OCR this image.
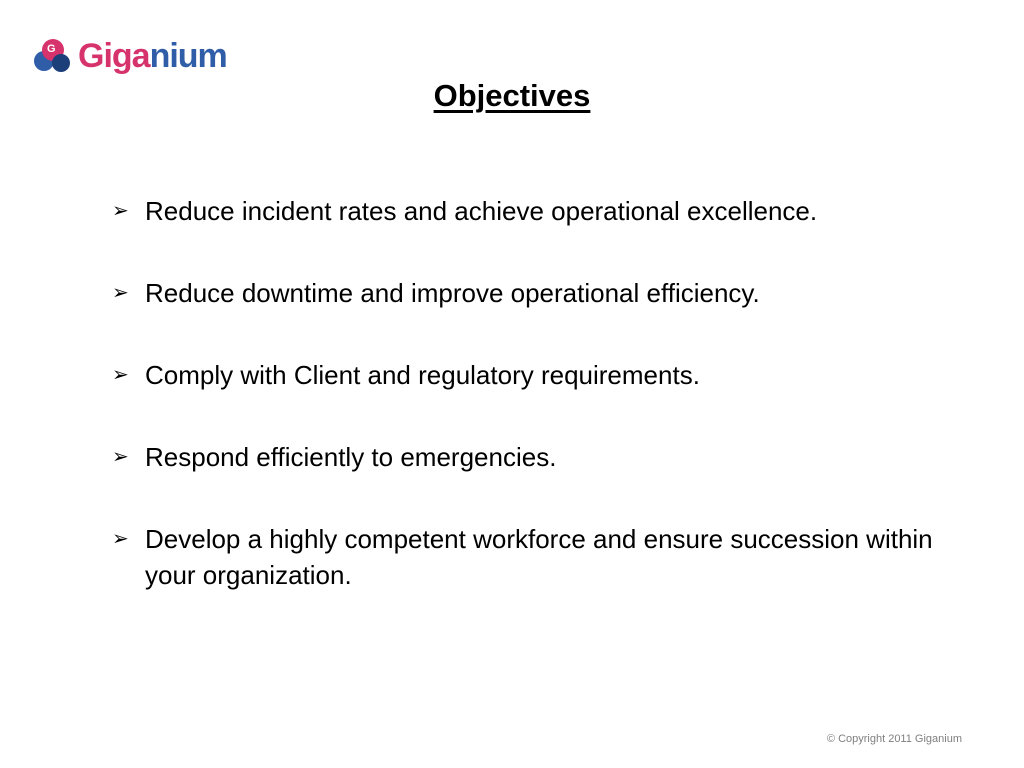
G Giganium
Objectives
➢ Reduce incident rates and achieve operational excellence.
➢ Reduce downtime and improve operational efficiency.
➢ Comply with Client and regulatory requirements.
➢ Respond efficiently to emergencies.
➢ Develop a highly competent workforce and ensure succession within your organization.
© Copyright 2011 Giganium
